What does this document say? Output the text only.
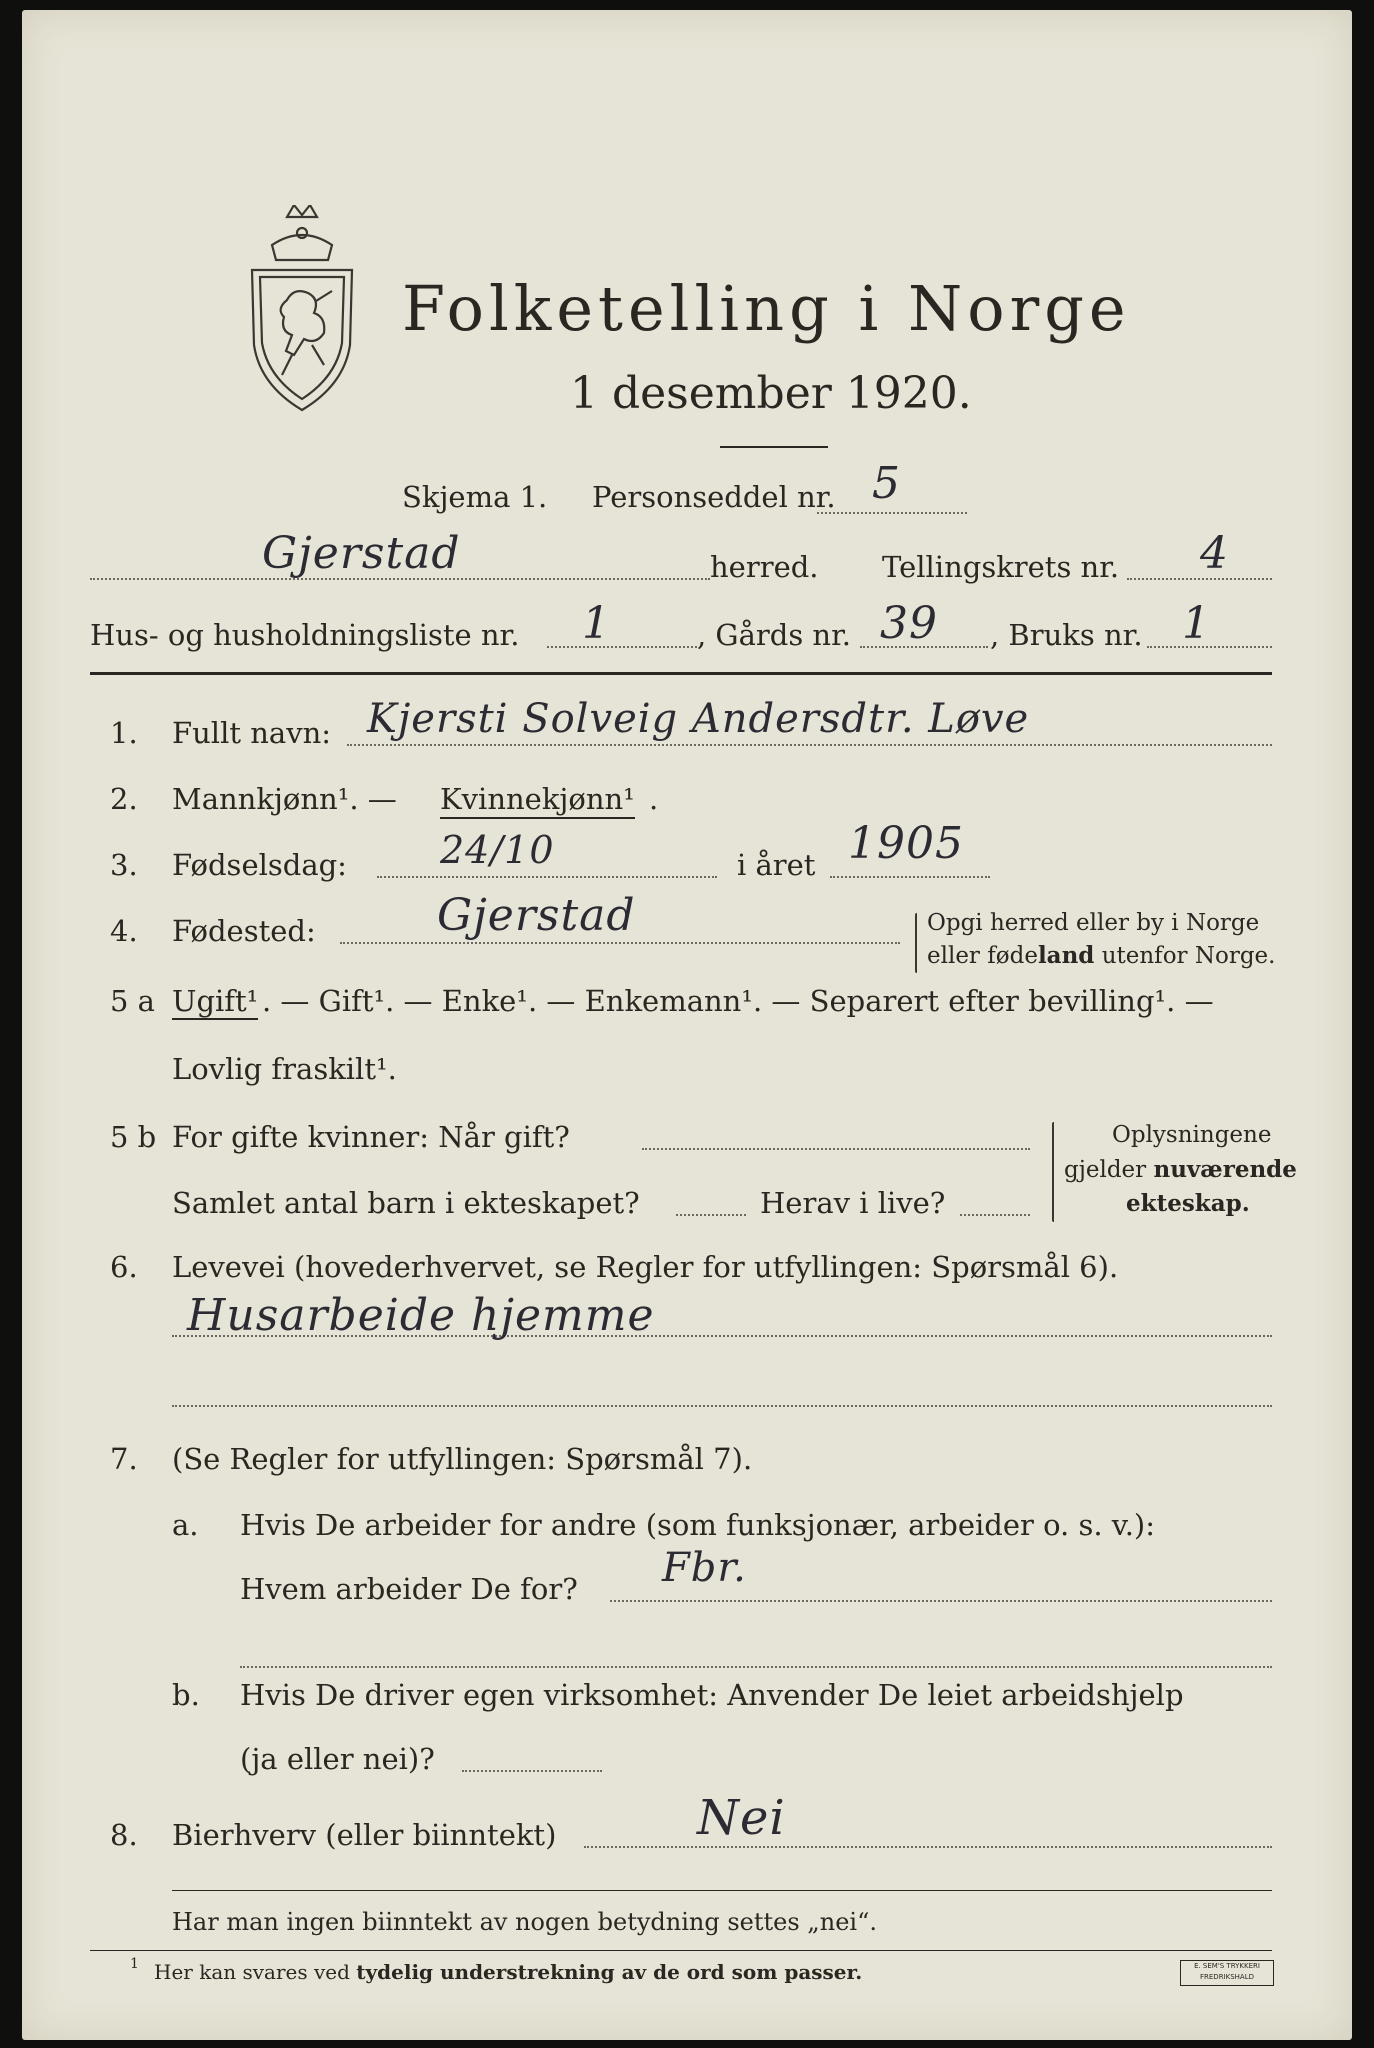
Folketelling i Norge
1 desember 1920.
Skjema 1. Personseddel nr. 5
Gjerstad	herred. Tellingskrets nr. 4
Hus- og husholdningsliste nr. 1	, Gårds nr. 39 , Bruks nr. 1
1. Fullt navn: Kjersti Solveig Andersdtr. Løve
2. Mannkjønn¹. — Kvinnekjønn¹ .
3. Fødselsdag: 24/10	i året 1905
4. Fødested:	Gjerstad	Opgi herred eller by i Norge
eller fødeland utenfor Norge.
5 a Ugift¹ . — Gift¹. — Enke¹. — Enkemann¹. — Separert efter bevilling¹. —
Lovlig fraskilt¹.
5 b For gifte kvinner: Når gift?
Samlet antal barn i ekteskapet?	Herav i live?
Oplysningene
gjelder nuværende
ekteskap.
6. Levevei (hovederhvervet, se Regler for utfyllingen: Spørsmål 6).
Husarbeide hjemme
7. (Se Regler for utfyllingen: Spørsmål 7).
a. Hvis De arbeider for andre (som funksjonær, arbeider o. s. v.):
Hvem arbeider De for? Fbr.
b. Hvis De driver egen virksomhet: Anvender De leiet arbeidshjelp
(ja eller nei)?
8. Bierhverv (eller biinntekt)	Nei
Har man ingen biinntekt av nogen betydning settes „nei“.
1 Her kan svares ved tydelig understrekning av de ord som passer.	E. SEM'S TRYKKERI
FREDRIKSHALD
